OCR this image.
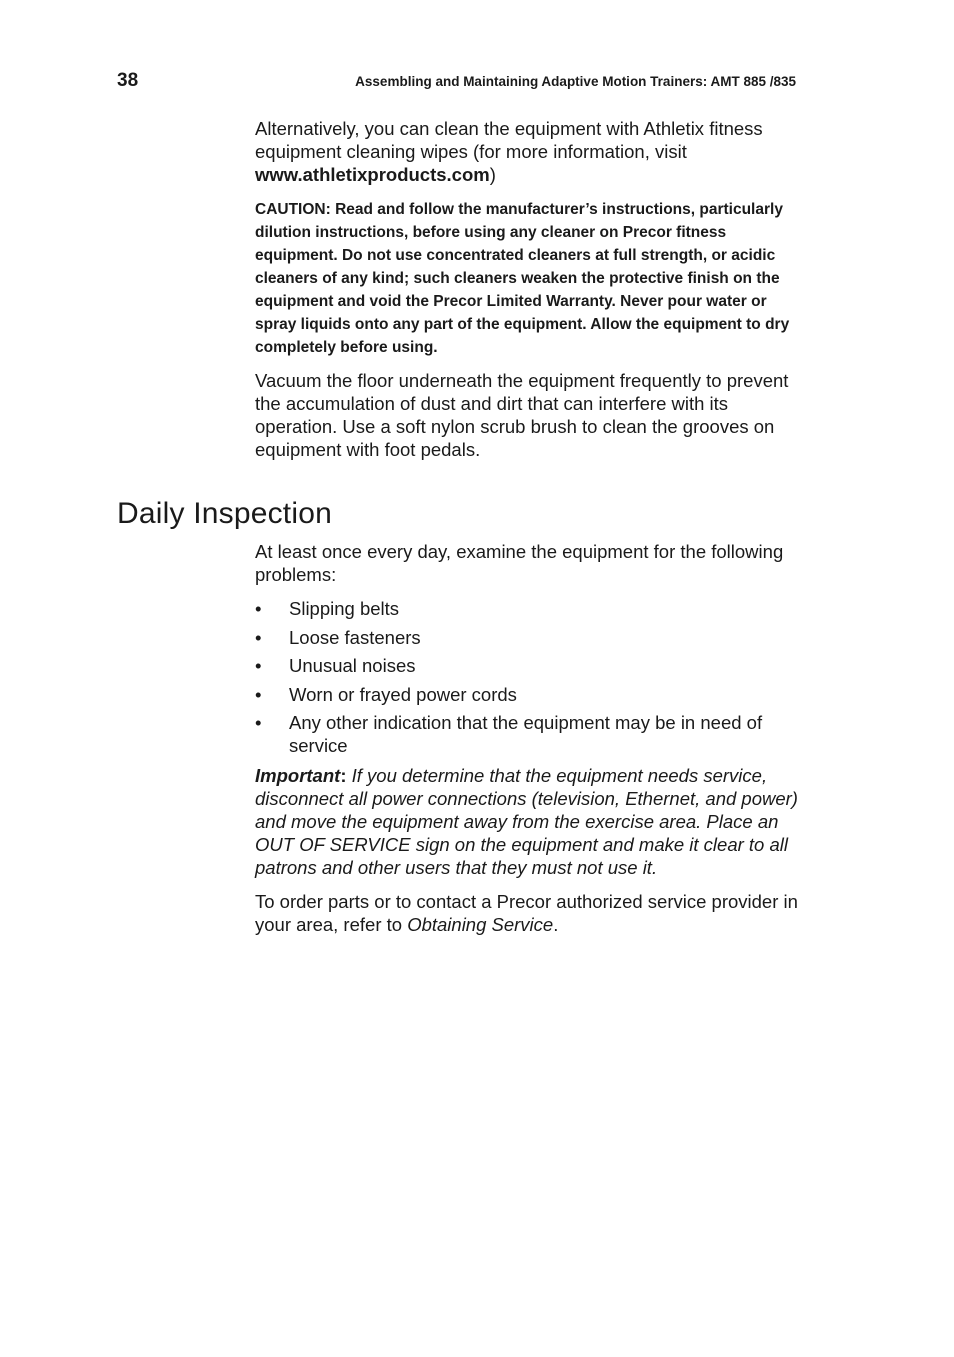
38	Assembling and Maintaining Adaptive Motion Trainers: AMT 885 /835

Alternatively, you can clean the equipment with Athletix fitness equipment cleaning wipes (for more information, visit www.athletixproducts.com)

CAUTION: Read and follow the manufacturer’s instructions, particularly dilution instructions, before using any cleaner on Precor fitness equipment. Do not use concentrated cleaners at full strength, or acidic cleaners of any kind; such cleaners weaken the protective finish on the equipment and void the Precor Limited Warranty. Never pour water or spray liquids onto any part of the equipment. Allow the equipment to dry completely before using.

Vacuum the floor underneath the equipment frequently to prevent the accumulation of dust and dirt that can interfere with its operation. Use a soft nylon scrub brush to clean the grooves on equipment with foot pedals.

Daily Inspection

At least once every day, examine the equipment for the following problems:

• Slipping belts
• Loose fasteners
• Unusual noises
• Worn or frayed power cords
• Any other indication that the equipment may be in need of service

Important: If you determine that the equipment needs service, disconnect all power connections (television, Ethernet, and power) and move the equipment away from the exercise area. Place an OUT OF SERVICE sign on the equipment and make it clear to all patrons and other users that they must not use it.

To order parts or to contact a Precor authorized service provider in your area, refer to Obtaining Service.
